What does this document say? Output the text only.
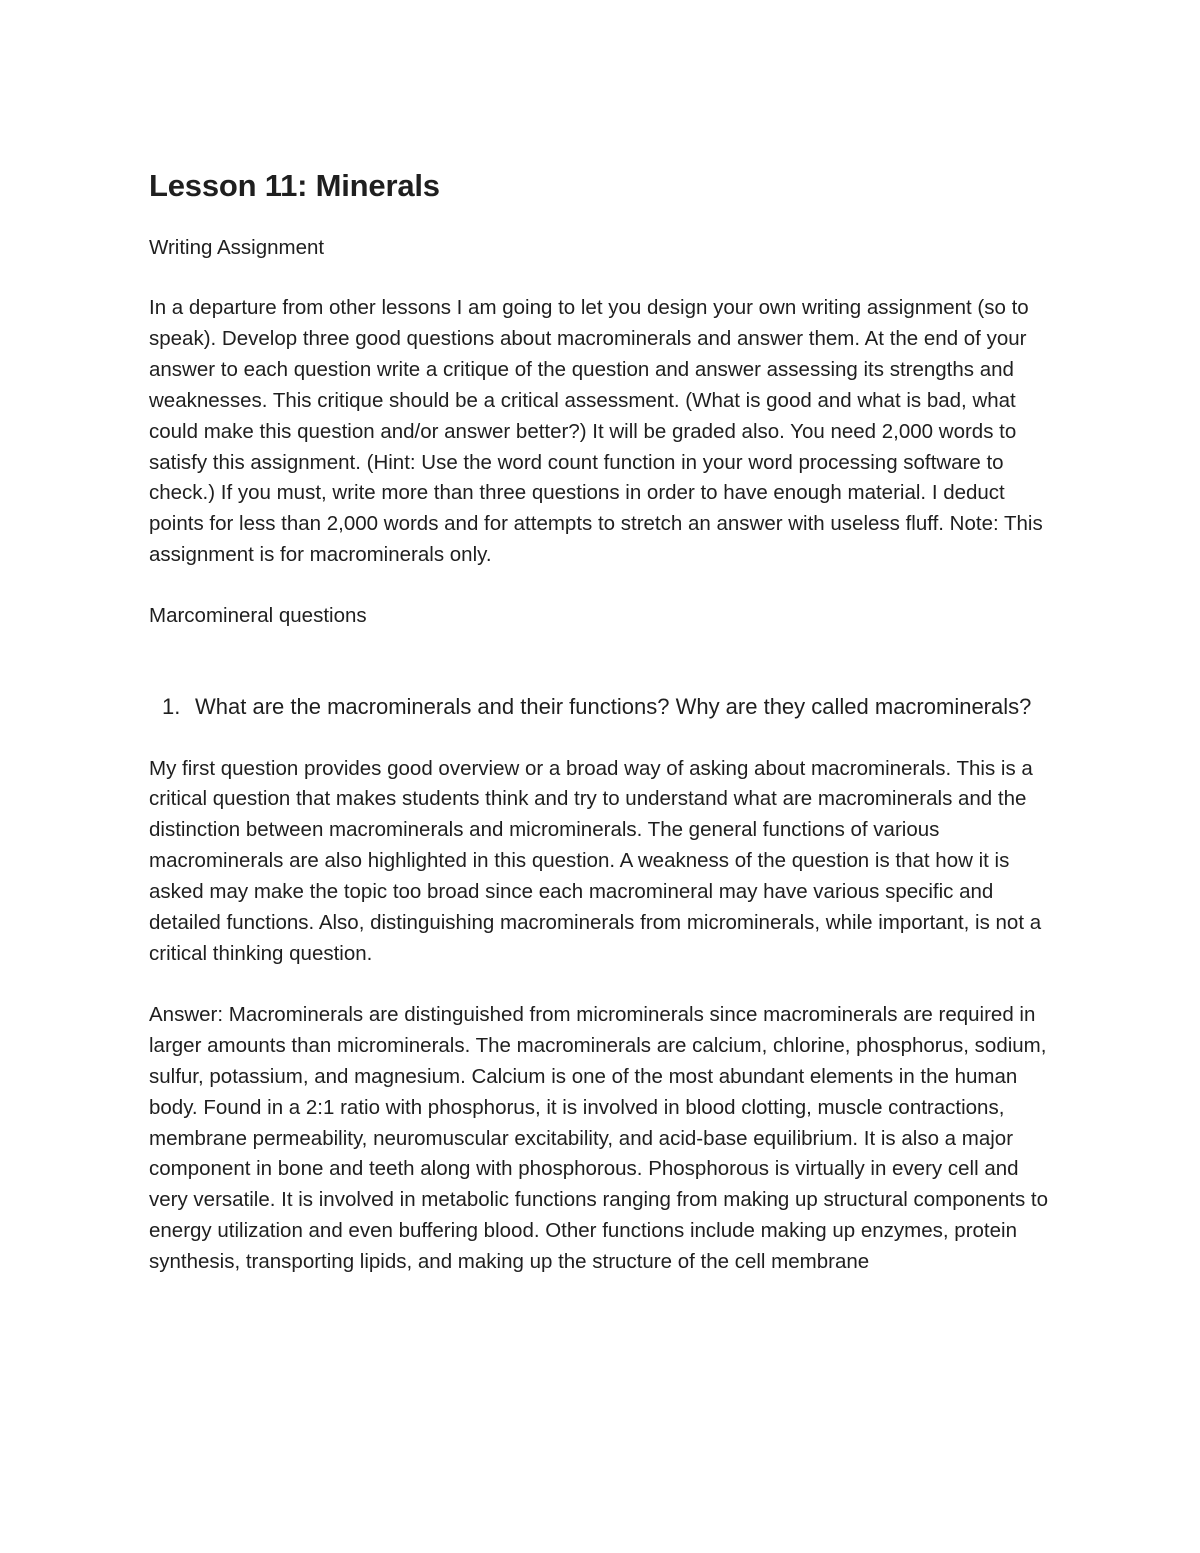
Lesson 11: Minerals

Writing Assignment

In a departure from other lessons I am going to let you design your own writing assignment (so to speak). Develop three good questions about macrominerals and answer them. At the end of your answer to each question write a critique of the question and answer assessing its strengths and weaknesses. This critique should be a critical assessment. (What is good and what is bad, what could make this question and/or answer better?) It will be graded also. You need 2,000 words to satisfy this assignment. (Hint: Use the word count function in your word processing software to check.) If you must, write more than three questions in order to have enough material. I deduct points for less than 2,000 words and for attempts to stretch an answer with useless fluff. Note: This assignment is for macrominerals only.

Marcomineral questions

1. What are the macrominerals and their functions? Why are they called macrominerals?

My first question provides good overview or a broad way of asking about macrominerals. This is a critical question that makes students think and try to understand what are macrominerals and the distinction between macrominerals and microminerals. The general functions of various macrominerals are also highlighted in this question. A weakness of the question is that how it is asked may make the topic too broad since each macromineral may have various specific and detailed functions. Also, distinguishing macrominerals from microminerals, while important, is not a critical thinking question.

Answer: Macrominerals are distinguished from microminerals since macrominerals are required in larger amounts than microminerals. The macrominerals are calcium, chlorine, phosphorus, sodium, sulfur, potassium, and magnesium. Calcium is one of the most abundant elements in the human body. Found in a 2:1 ratio with phosphorus, it is involved in blood clotting, muscle contractions, membrane permeability, neuromuscular excitability, and acid-base equilibrium. It is also a major component in bone and teeth along with phosphorous. Phosphorous is virtually in every cell and very versatile. It is involved in metabolic functions ranging from making up structural components to energy utilization and even buffering blood. Other functions include making up enzymes, protein synthesis, transporting lipids, and making up the structure of the cell membrane
